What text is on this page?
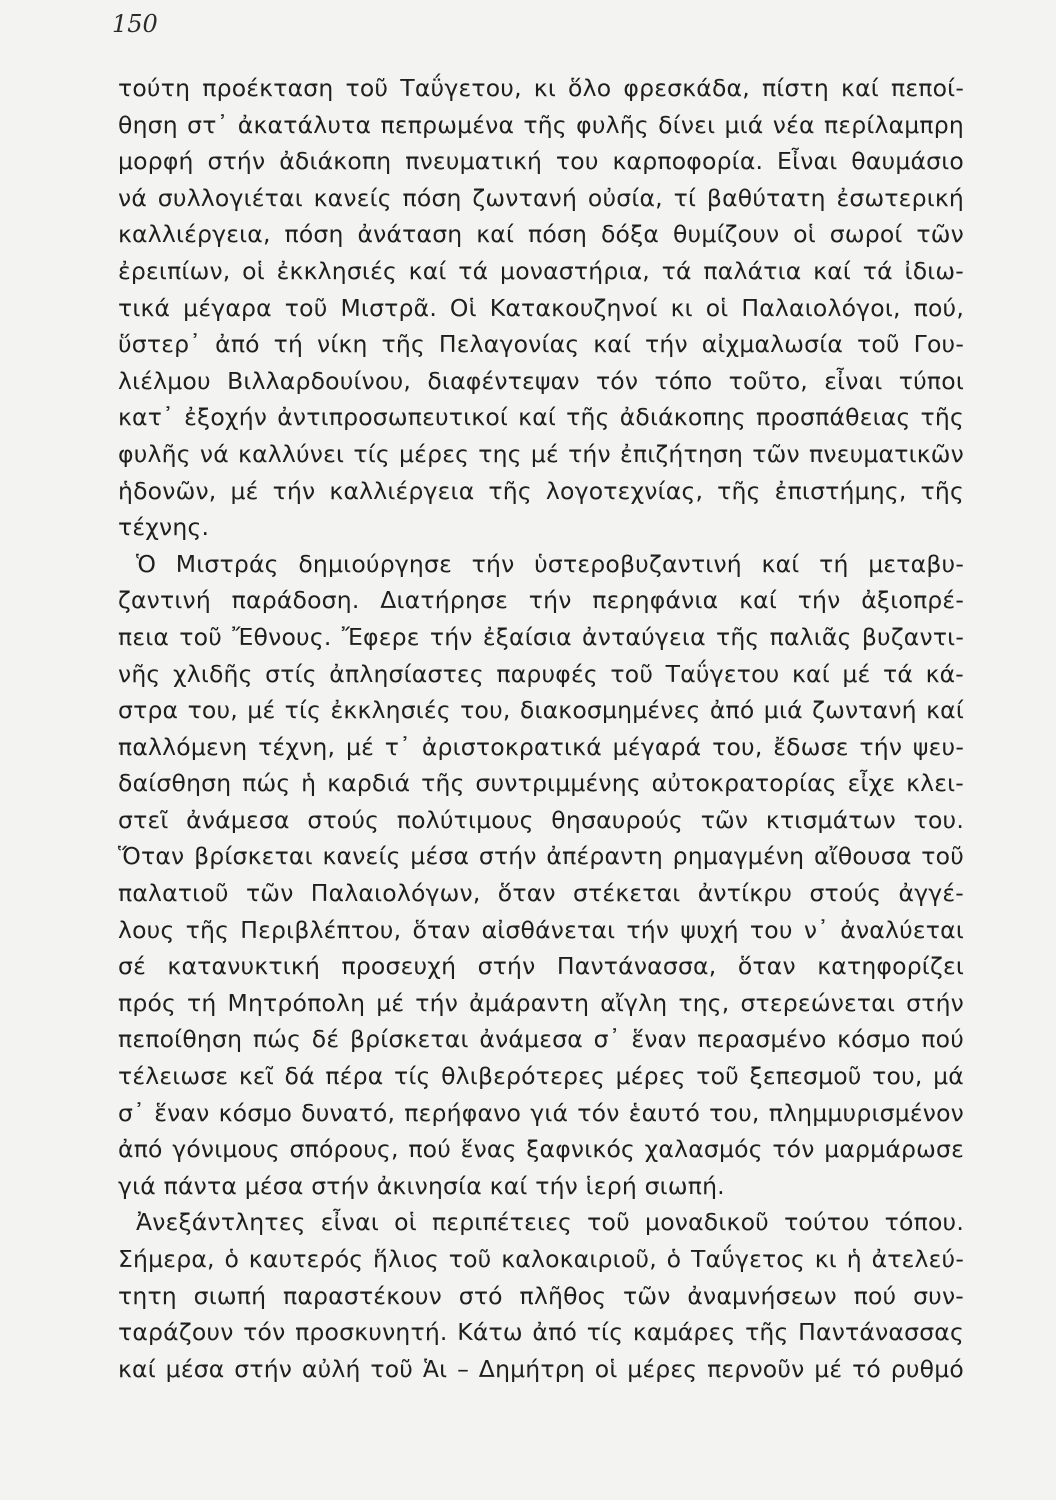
150
τούτη προέκταση τοῦ Ταΰγετου, κι ὅλο φρεσκάδα, πίστη καί πεποί-
θηση στ᾽ ἀκατάλυτα πεπρωμένα τῆς φυλῆς δίνει μιά νέα περίλαμπρη
μορφή στήν ἀδιάκοπη πνευματική του καρποφορία. Εἶναι θαυμάσιο
νά συλλογιέται κανείς πόση ζωντανή οὐσία, τί βαθύτατη ἐσωτερική
καλλιέργεια, πόση ἀνάταση καί πόση δόξα θυμίζουν οἱ σωροί τῶν
ἐρειπίων, οἱ ἐκκλησιές καί τά μοναστήρια, τά παλάτια καί τά ἰδιω-
τικά μέγαρα τοῦ Μιστρᾶ. Οἱ Κατακουζηνοί κι οἱ Παλαιολόγοι, πού,
ὕστερ᾽ ἀπό τή νίκη τῆς Πελαγονίας καί τήν αἰχμαλωσία τοῦ Γου-
λιέλμου Βιλλαρδουίνου, διαφέντεψαν τόν τόπο τοῦτο, εἶναι τύποι
κατ᾽ ἐξοχήν ἀντιπροσωπευτικοί καί τῆς ἀδιάκοπης προσπάθειας τῆς
φυλῆς νά καλλύνει τίς μέρες της μέ τήν ἐπιζήτηση τῶν πνευματικῶν
ἡδονῶν, μέ τήν καλλιέργεια τῆς λογοτεχνίας, τῆς ἐπιστήμης, τῆς
τέχνης.
Ὁ Μιστράς δημιούργησε τήν ὑστεροβυζαντινή καί τή μεταβυ-
ζαντινή παράδοση. Διατήρησε τήν περηφάνια καί τήν ἀξιοπρέ-
πεια τοῦ Ἔθνους. Ἔφερε τήν ἐξαίσια ἀνταύγεια τῆς παλιᾶς βυζαντι-
νῆς χλιδῆς στίς ἀπλησίαστες παρυφές τοῦ Ταΰγετου καί μέ τά κά-
στρα του, μέ τίς ἐκκλησιές του, διακοσμημένες ἀπό μιά ζωντανή καί
παλλόμενη τέχνη, μέ τ᾽ ἀριστοκρατικά μέγαρά του, ἔδωσε τήν ψευ-
δαίσθηση πώς ἡ καρδιά τῆς συντριμμένης αὐτοκρατορίας εἶχε κλει-
στεῖ ἀνάμεσα στούς πολύτιμους θησαυρούς τῶν κτισμάτων του.
Ὅταν βρίσκεται κανείς μέσα στήν ἀπέραντη ρημαγμένη αἴθουσα τοῦ
παλατιοῦ τῶν Παλαιολόγων, ὅταν στέκεται ἀντίκρυ στούς ἀγγέ-
λους τῆς Περιβλέπτου, ὅταν αἰσθάνεται τήν ψυχή του ν᾽ ἀναλύεται
σέ κατανυκτική προσευχή στήν Παντάνασσα, ὅταν κατηφορίζει
πρός τή Μητρόπολη μέ τήν ἀμάραντη αἴγλη της, στερεώνεται στήν
πεποίθηση πώς δέ βρίσκεται ἀνάμεσα σ᾽ ἕναν περασμένο κόσμο πού
τέλειωσε κεῖ δά πέρα τίς θλιβερότερες μέρες τοῦ ξεπεσμοῦ του, μά
σ᾽ ἕναν κόσμο δυνατό, περήφανο γιά τόν ἑαυτό του, πλημμυρισμένον
ἀπό γόνιμους σπόρους, πού ἕνας ξαφνικός χαλασμός τόν μαρμάρωσε
γιά πάντα μέσα στήν ἀκινησία καί τήν ἱερή σιωπή.
Ἀνεξάντλητες εἶναι οἱ περιπέτειες τοῦ μοναδικοῦ τούτου τόπου.
Σήμερα, ὁ καυτερός ἥλιος τοῦ καλοκαιριοῦ, ὁ Ταΰγετος κι ἡ ἀτελεύ-
τητη σιωπή παραστέκουν στό πλῆθος τῶν ἀναμνήσεων πού συν-
ταράζουν τόν προσκυνητή. Κάτω ἀπό τίς καμάρες τῆς Παντάνασσας
καί μέσα στήν αὐλή τοῦ Ἁι – Δημήτρη οἱ μέρες περνοῦν μέ τό ρυθμό
